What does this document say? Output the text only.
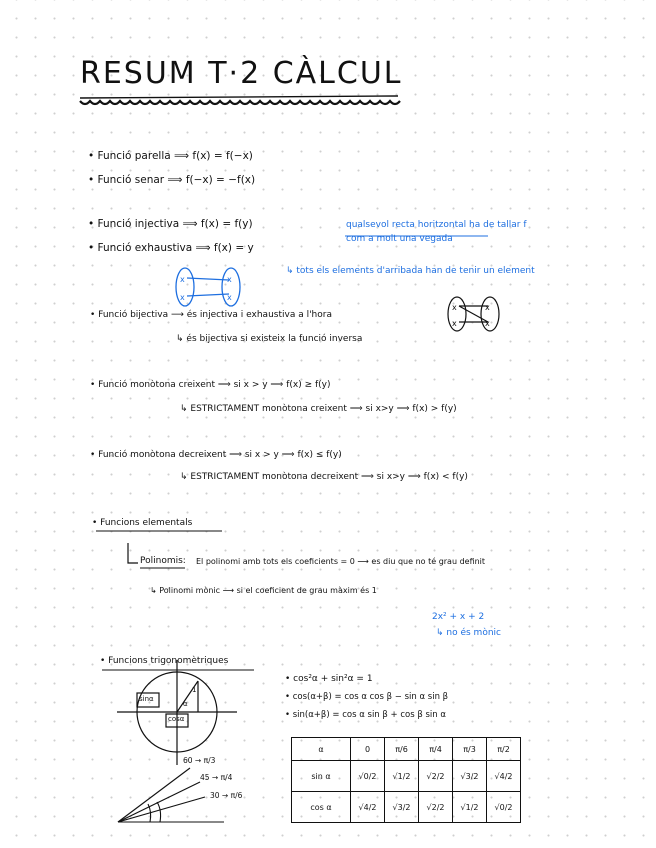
RESUM T·2 CÀLCUL
x
x
x
x
x
x
x
x
• Funció parella ⟹ f(x) = f(−x)
• Funció senar ⟹ f(−x) = −f(x)
• Funció injectiva ⟹ f(x) = f(y)	qualsevol recta horitzontal ha de tallar f
com a molt una vegada
• Funció exhaustiva ⟹ f(x) = y
↳ tots els elements d'arribada han de tenir un element
• Funció bijectiva ⟶ és injectiva i exhaustiva a l'hora
↳ és bijectiva si existeix la funció inversa
• Funció monòtona creixent ⟹ si x > y ⟹ f(x) ≥ f(y)
↳ ESTRICTAMENT monòtona creixent ⟹ si x>y ⟹ f(x) > f(y)
• Funció monòtona decreixent ⟹ si x > y ⟹ f(x) ≤ f(y)
↳ ESTRICTAMENT monòtona decreixent ⟹ si x>y ⟹ f(x) < f(y)
• Funcions elementals
Polinomis: El polinomi amb tots els coeficients = 0 ⟶ es diu que no té grau definit
↳ Polinomi mònic ⟶ si el coeficient de grau màxim és 1
2x² + x + 2
↳ no és mònic
• Funcions trigonomètriques
• cos²α + sin²α = 1
• cos(α+β) = cos α cos β − sin α sin β
• sin(α+β) = cos α sin β + cos β sin α
sinα
cosα
1
α
60 → π/3
45 → π/4
30 → π/6
α	0	π/6	π/4	π/3	π/2
sin α	√0/2	√1/2	√2/2	√3/2	√4/2
cos α	√4/2	√3/2	√2/2	√1/2	√0/2
